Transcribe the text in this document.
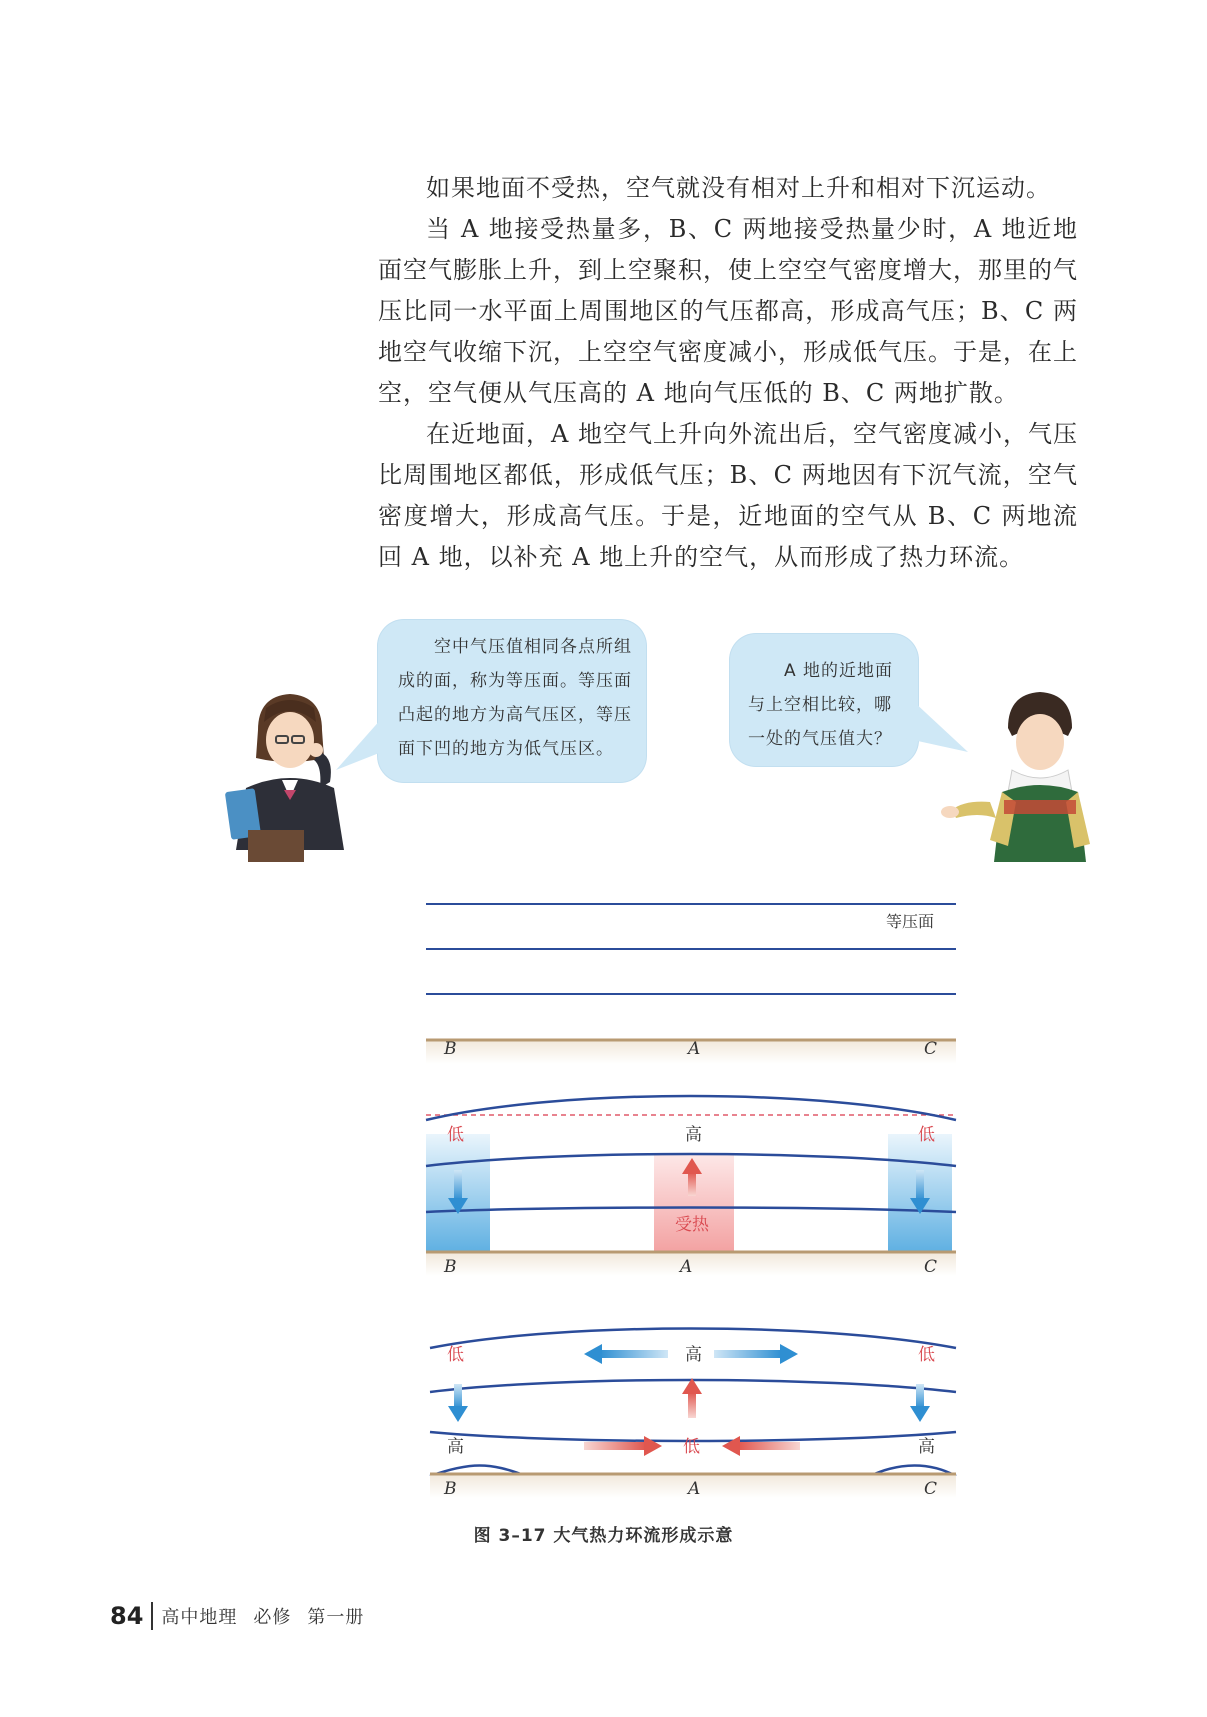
如果地面不受热，空气就没有相对上升和相对下沉运动。

当 A 地接受热量多，B、C 两地接受热量少时，A 地近地面空气膨胀上升，到上空聚积，使上空空气密度增大，那里的气压比同一水平面上周围地区的气压都高，形成高气压；B、C 两地空气收缩下沉，上空空气密度减小，形成低气压。于是，在上空，空气便从气压高的 A 地向气压低的 B、C 两地扩散。

在近地面，A 地空气上升向外流出后，空气密度减小，气压比周围地区都低，形成低气压；B、C 两地因有下沉气流，空气密度增大，形成高气压。于是，近地面的空气从 B、C 两地流回 A 地，以补充 A 地上升的空气，从而形成了热力环流。

空中气压值相同各点所组

成的面，称为等压面。等压面

凸起的地方为高气压区，等压

面下凹的地方为低气压区。

A 地的近地面

与上空相比较，哪

一处的气压值大？

等压面
B	A	C
低	高	低
受热
B	A	C
低	高	低
高	低	高
B	A	C
图 3–17 大气热力环流形成示意
84 高中地理 必修 第一册
